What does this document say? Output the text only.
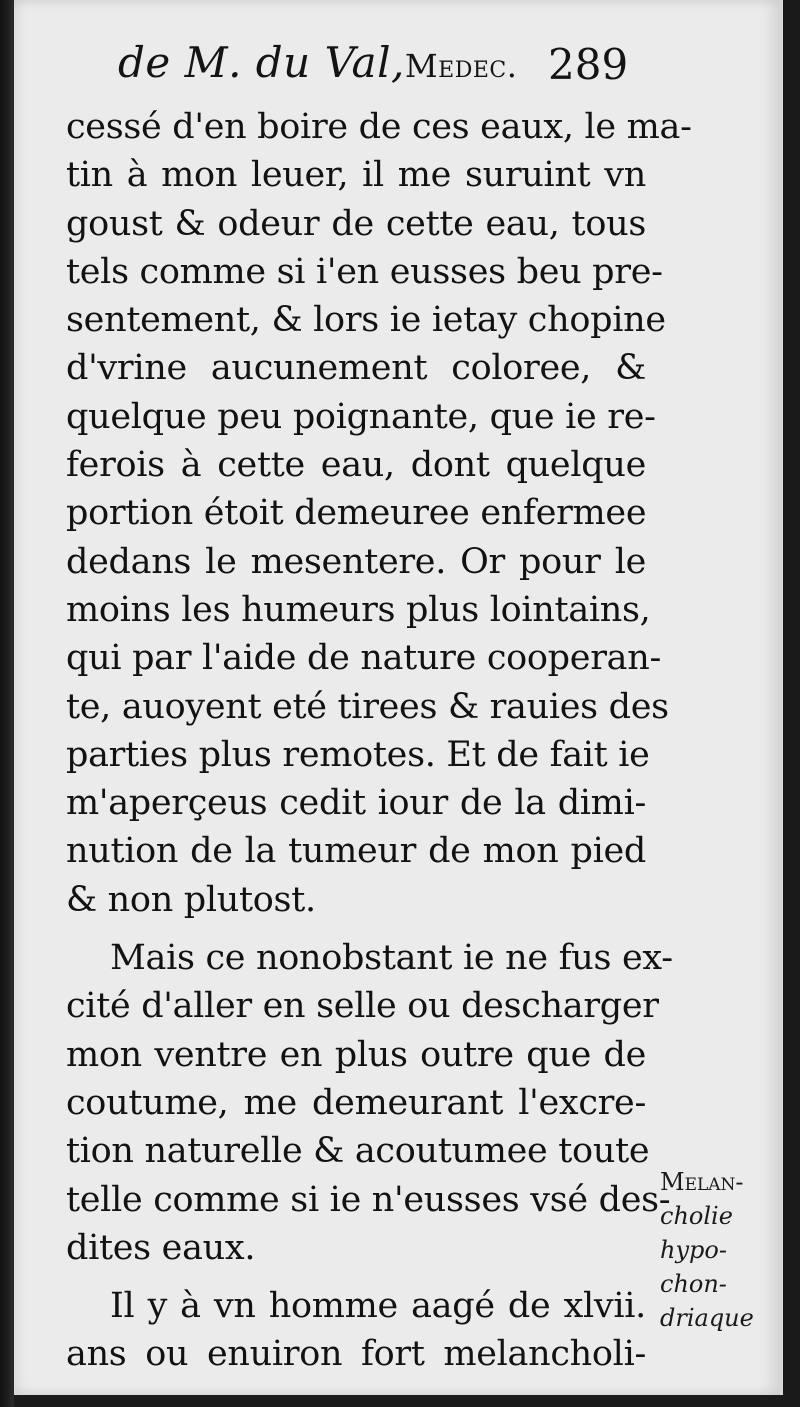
de M. du Val,Medec. 289
cessé d'en boire de ces eaux, le ma-
tin à mon leuer, il me suruint vn
goust & odeur de cette eau, tous
tels comme si i'en eusses beu pre-
sentement, & lors ie ietay chopine
d'vrine aucunement coloree, &
quelque peu poignante, que ie re-
ferois à cette eau, dont quelque
portion étoit demeuree enfermee
dedans le mesentere. Or pour le
moins les humeurs plus lointains,
qui par l'aide de nature cooperan-
te, auoyent eté tirees & rauies des
parties plus remotes. Et de fait ie
m'aperçeus cedit iour de la dimi-
nution de la tumeur de mon pied
& non plutost.
Mais ce nonobstant ie ne fus ex-
cité d'aller en selle ou descharger
mon ventre en plus outre que de
coutume, me demeurant l'excre-
tion naturelle & acoutumee toute
telle comme si ie n'eusses vsé des-
dites eaux.
Il y à vn homme aagé de xlvii.
ans ou enuiron fort melancholi-
Melan-
cholie
hypo-
chon-
driaque
